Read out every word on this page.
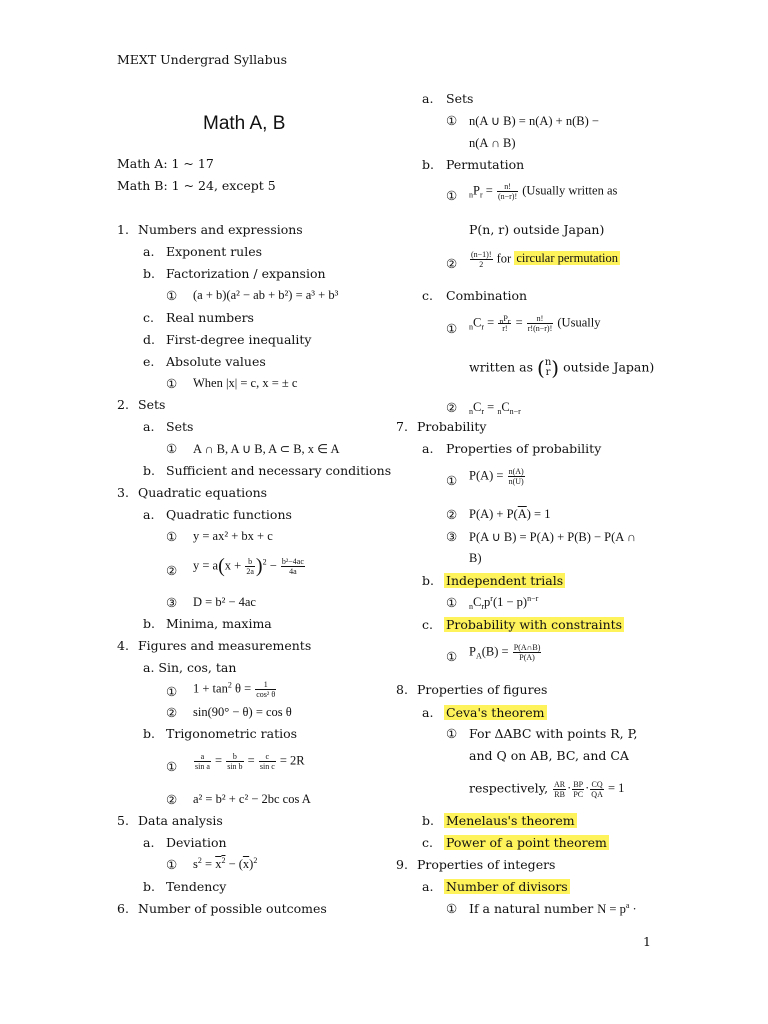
MEXT Undergrad Syllabus
Math A, B
Math A: 1 ~ 17
Math B: 1 ~ 24, except 5
1. Numbers and expressions
a. Exponent rules
b. Factorization / expansion
① (a + b)(a² − ab + b²) = a³ + b³
c. Real numbers
d. First-degree inequality
e. Absolute values
① When |x| = c, x = ± c
2. Sets
a. Sets
① A ∩ B, A ∪ B, A ⊂ B, x ∈ A
b. Sufficient and necessary conditions
3. Quadratic equations
a. Quadratic functions
① y = ax² + bx + c
② $y = a(x + \frac{b}{2a} )^2 - \frac{\text{b²−4ac}}{4a}$
③ D = b² − 4ac
b. Minima, maxima
4. Figures and measurements
a. Sin, cos, tan
① $1 + \tan^2 \theta = \frac{1}{\text{cos² θ}}$
② sin(90° − θ) = cos θ
b. Trigonometric ratios
① $\frac{a}{\text{sin a}} = \frac{b}{\text{sin b}} = \frac{c}{\text{sin c}} = 2R$
② a² = b² + c² − 2bc cos A
5. Data analysis
a. Deviation
① $s^2 = x^2 - (\overline{x})^2$
b. Tendency
6. Number of possible outcomes
a. Sets
① n(A ∪ B) = n(A) + n(B) −
n(A ∩ B)
b. Permutation
① $_nP_r = \frac{n!}{(n-r)!}$ (Usually written as
P(n, r) outside Japan)
② $\frac{(n-1)!}{2}$ for circular permutation
c. Combination
① $_nC_r = \frac{_nP_r}{r!} = \frac{n!}{r!(n-r)!}$ (Usually
written as ( n
r ) outside Japan)
② $_nC_r = _nC_{n-r}$
7. Probability
a. Properties of probability
① $P(A) = \frac{n(A)}{n(U)}$
② $P(A) + P(\overline{A}) = 1$
③ P(A ∪ B) = P(A) + P(B) − P(A ∩
B)
b. Independent trials
① $_nC_rp^r(1 - p)^{n-r}$
c. Probability with constraints
① $P_A(B) = \frac{P(A\cap B)}{P(A)}$
8. Properties of figures
a. Ceva's theorem
① For ΔABC with points R, P,
and Q on AB, BC, and CA
respectively, $\frac{AR}{RB} \cdot \frac{BP}{PC} \cdot \frac{CQ}{QA} = 1$
b. Menelaus's theorem
c. Power of a point theorem
9. Properties of integers
a. Number of divisors
① If a natural number $N = p^a$ ·
1
